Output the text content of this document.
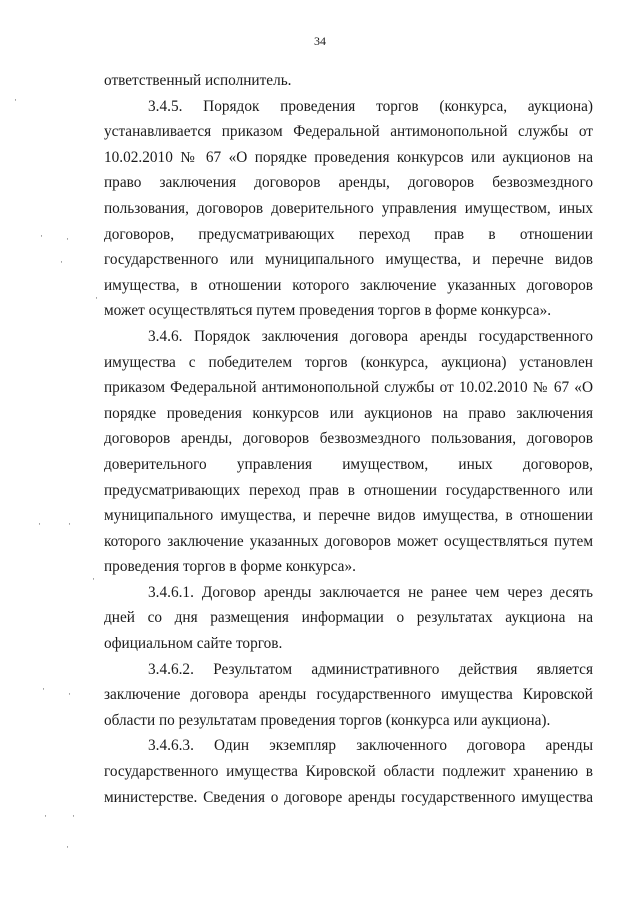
34

ответственный исполнитель.

3.4.5. Порядок проведения торгов (конкурса, аукциона) устанавливается приказом Федеральной антимонопольной службы от 10.02.2010 № 67 «О порядке проведения конкурсов или аукционов на право заключения договоров аренды, договоров безвозмездного пользования, договоров доверительного управления имуществом, иных договоров, предусматривающих переход прав в отношении государственного или муниципального имущества, и перечне видов имущества, в отношении которого заключение указанных договоров может осуществляться путем проведения торгов в форме конкурса».

3.4.6. Порядок заключения договора аренды государственного имущества с победителем торгов (конкурса, аукциона) установлен приказом Федеральной антимонопольной службы от 10.02.2010 № 67 «О порядке проведения конкурсов или аукционов на право заключения договоров аренды, договоров безвозмездного пользования, договоров доверительного управления имуществом, иных договоров, предусматривающих переход прав в отношении государственного или муниципального имущества, и перечне видов имущества, в отношении которого заключение указанных договоров может осуществляться путем проведения торгов в форме конкурса».

3.4.6.1. Договор аренды заключается не ранее чем через десять дней со дня размещения информации о результатах аукциона на официальном сайте торгов.

3.4.6.2. Результатом административного действия является заключение договора аренды государственного имущества Кировской области по результатам проведения торгов (конкурса или аукциона).

3.4.6.3. Один экземпляр заключенного договора аренды государственного имущества Кировской области подлежит хранению в министерстве. Сведения о договоре аренды государственного имущества

·
·	·
·
·
·	·
·
·	·
·	·
·
